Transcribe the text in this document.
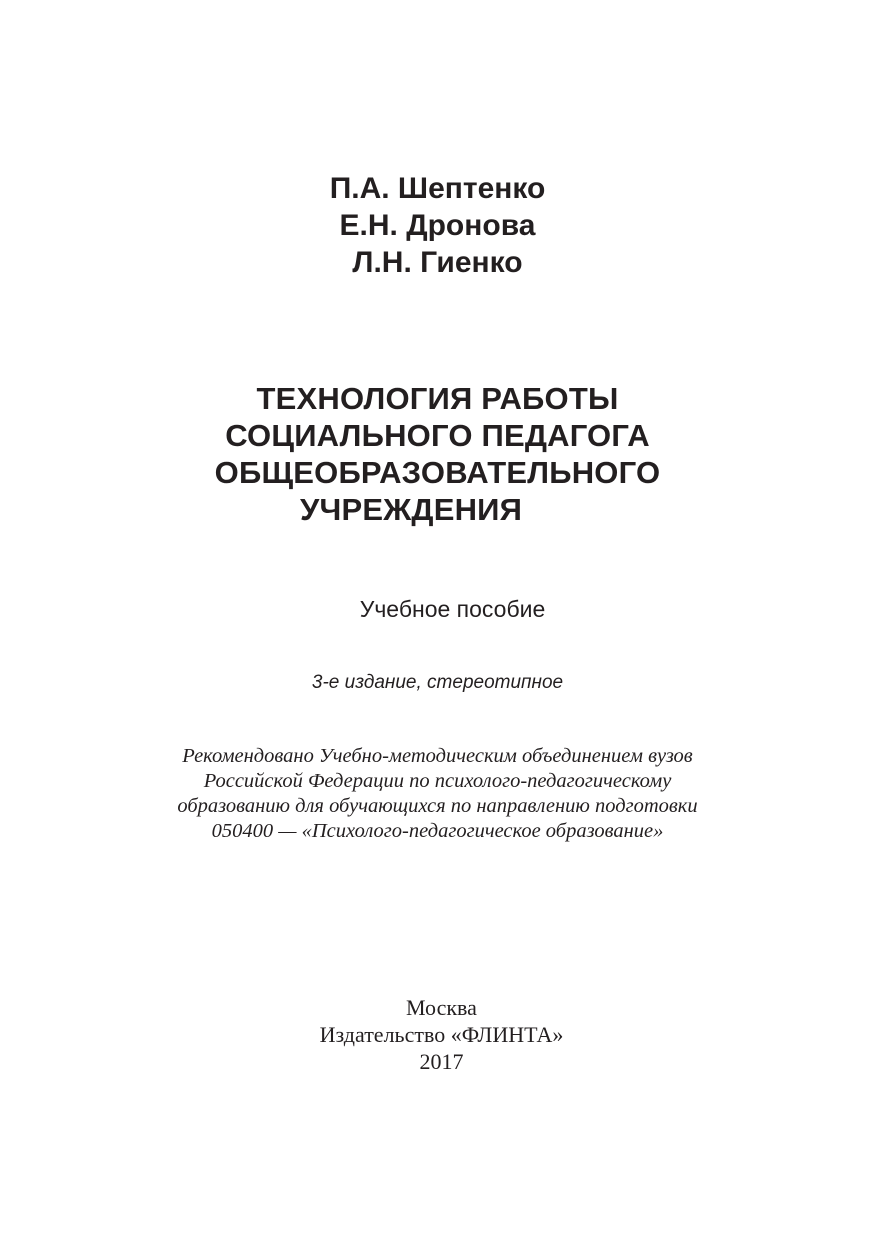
П.А. Шептенко
Е.Н. Дронова
Л.Н. Гиенко
ТЕХНОЛОГИЯ РАБОТЫ
СОЦИАЛЬНОГО ПЕДАГОГА
ОБЩЕОБРАЗОВАТЕЛЬНОГО
УЧРЕЖДЕНИЯ
Учебное пособие
3-е издание, стереотипное
Рекомендовано Учебно-методическим объединением вузов
Российской Федерации по психолого-педагогическому
образованию для обучающихся по направлению подготовки
050400 — «Психолого-педагогическое образование»
Москва
Издательство «ФЛИНТА»
2017
